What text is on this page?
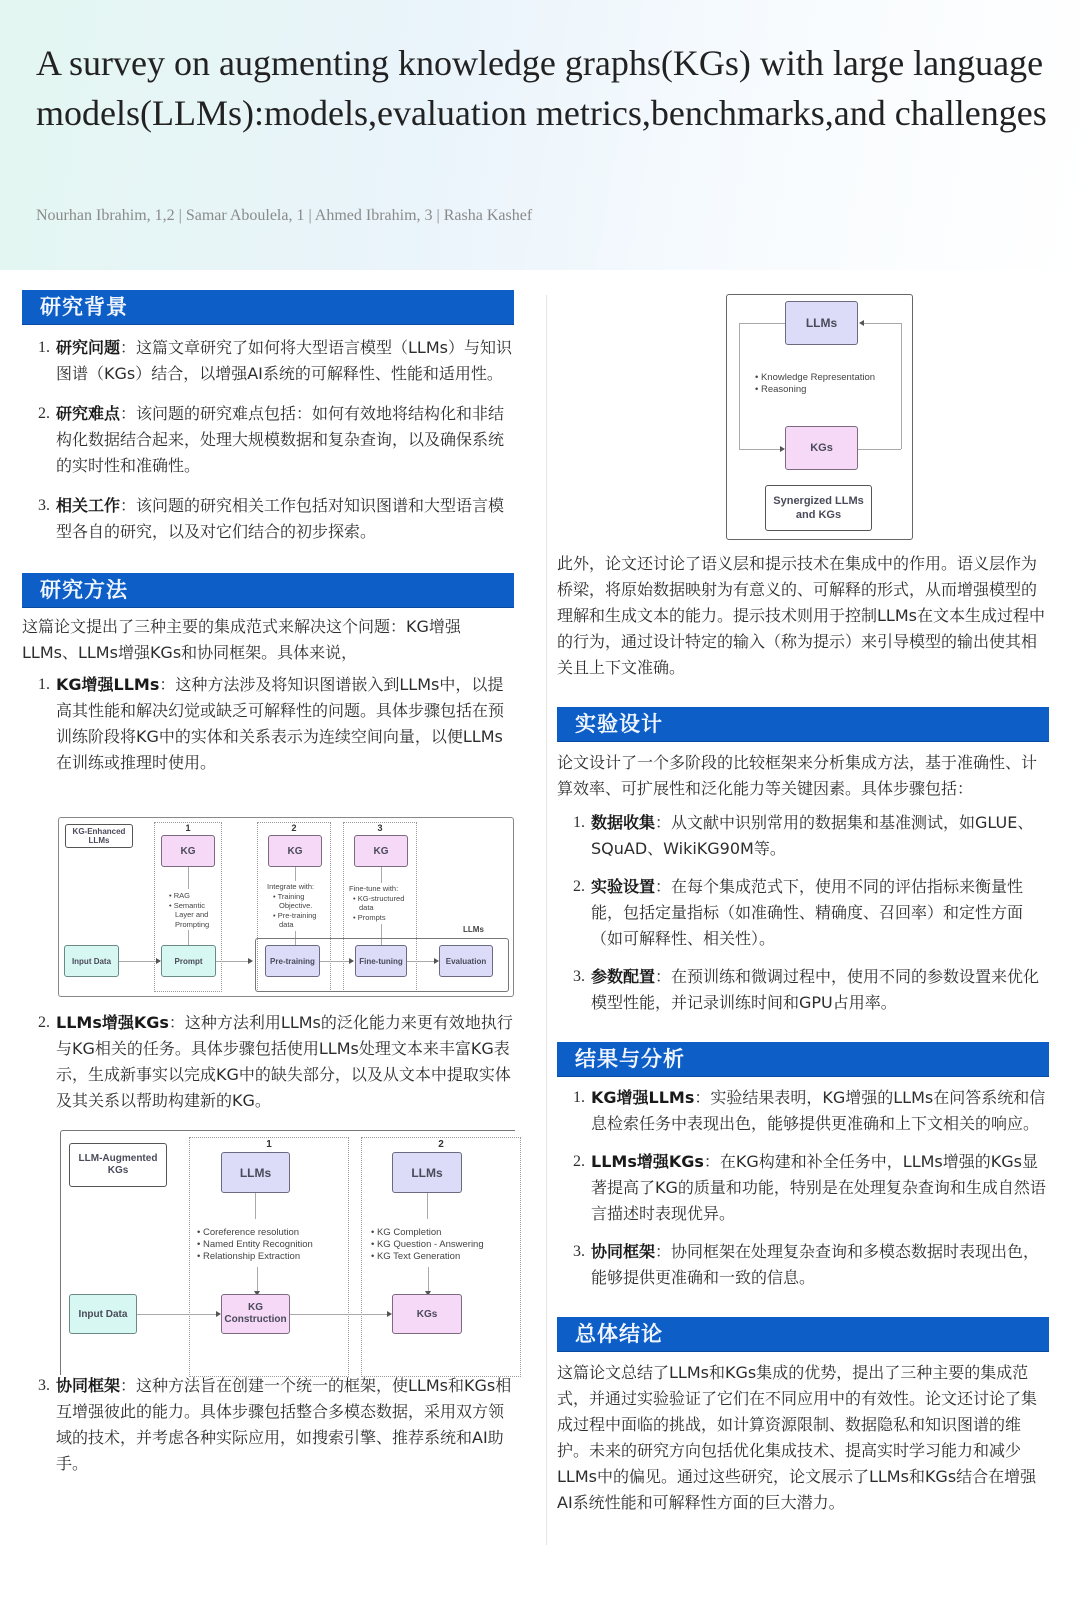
A survey on augmenting knowledge graphs(KGs) with large language models(LLMs):models,evaluation metrics,benchmarks,and challenges
Nourhan Ibrahim, 1,2 | Samar Aboulela, 1 | Ahmed Ibrahim, 3 | Rasha Kashef
研究背景
1. 研究问题：这篇文章研究了如何将大型语言模型（LLMs）与知识图谱（KGs）结合，以增强AI系统的可解释性、性能和适用性。
2. 研究难点：该问题的研究难点包括：如何有效地将结构化和非结构化数据结合起来，处理大规模数据和复杂查询，以及确保系统的实时性和准确性。
3. 相关工作：该问题的研究相关工作包括对知识图谱和大型语言模型各自的研究，以及对它们结合的初步探索。
研究方法

这篇论文提出了三种主要的集成范式来解决这个问题：KG增强LLMs、LLMs增强KGs和协同框架。具体来说，

1. KG增强LLMs：这种方法涉及将知识图谱嵌入到LLMs中，以提高其性能和解决幻觉或缺乏可解释性的问题。具体步骤包括在预训练阶段将KG中的实体和关系表示为连续空间向量，以便LLMs在训练或推理时使用。
KG-Enhanced LLMs
1	2	3
KG	KG	KG
• RAG
• Semantic
Layer and
Prompting
Integrate with:
• Training
Objective.
• Pre-training
data
Fine-tune with:
• KG-structured
data
• Prompts
LLMs
Input Data	Prompt	Pre-training	Fine-tuning	Evaluation
2. LLMs增强KGs：这种方法利用LLMs的泛化能力来更有效地执行与KG相关的任务。具体步骤包括使用LLMs处理文本来丰富KG表示，生成新事实以完成KG中的缺失部分，以及从文本中提取实体及其关系以帮助构建新的KG。
LLM-Augmented KGs
1	2
LLMs	LLMs
• Coreference resolution
• Named Entity Recognition
• Relationship Extraction
• KG Completion
• KG Question - Answering
• KG Text Generation
Input Data
KG Construction	KGs
3. 协同框架：这种方法旨在创建一个统一的框架，使LLMs和KGs相互增强彼此的能力。具体步骤包括整合多模态数据，采用双方领域的技术，并考虑各种实际应用，如搜索引擎、推荐系统和AI助手。
LLMs
• Knowledge Representation
• Reasoning
KGs
Synergized LLMs and KGs

此外，论文还讨论了语义层和提示技术在集成中的作用。语义层作为桥梁，将原始数据映射为有意义的、可解释的形式，从而增强模型的理解和生成文本的能力。提示技术则用于控制LLMs在文本生成过程中的行为，通过设计特定的输入（称为提示）来引导模型的输出使其相关且上下文准确。

实验设计

论文设计了一个多阶段的比较框架来分析集成方法，基于准确性、计算效率、可扩展性和泛化能力等关键因素。具体步骤包括：

1. 数据收集：从文献中识别常用的数据集和基准测试，如GLUE、SQuAD、WikiKG90M等。
2. 实验设置：在每个集成范式下，使用不同的评估指标来衡量性能，包括定量指标（如准确性、精确度、召回率）和定性方面（如可解释性、相关性）。
3. 参数配置：在预训练和微调过程中，使用不同的参数设置来优化模型性能，并记录训练时间和GPU占用率。
结果与分析
1. KG增强LLMs：实验结果表明，KG增强的LLMs在问答系统和信息检索任务中表现出色，能够提供更准确和上下文相关的响应。
2. LLMs增强KGs：在KG构建和补全任务中，LLMs增强的KGs显著提高了KG的质量和功能，特别是在处理复杂查询和生成自然语言描述时表现优异。
3. 协同框架：协同框架在处理复杂查询和多模态数据时表现出色，能够提供更准确和一致的信息。
总体结论

这篇论文总结了LLMs和KGs集成的优势，提出了三种主要的集成范式，并通过实验验证了它们在不同应用中的有效性。论文还讨论了集成过程中面临的挑战，如计算资源限制、数据隐私和知识图谱的维护。未来的研究方向包括优化集成技术、提高实时学习能力和减少LLMs中的偏见。通过这些研究，论文展示了LLMs和KGs结合在增强AI系统性能和可解释性方面的巨大潜力。
